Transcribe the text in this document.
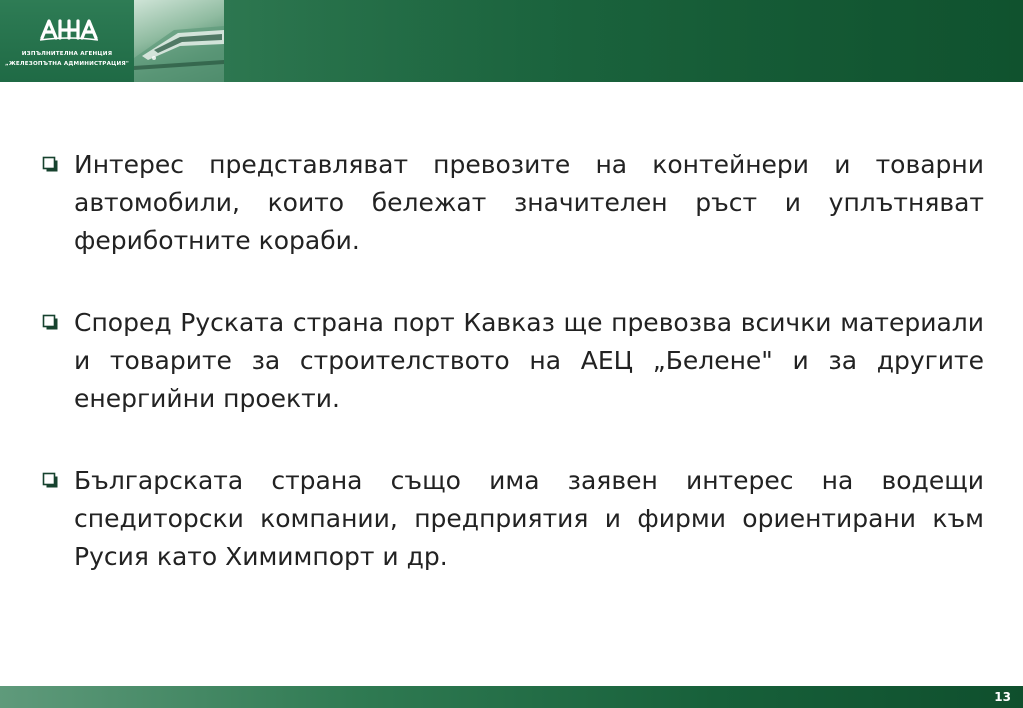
ИЗПЪЛНИТЕЛНА АГЕНЦИЯ
„ЖЕЛЕЗОПЪТНА АДМИНИСТРАЦИЯ"
Интерес представляват превозите на контейнери и товарни автомобили, които бележат значителен ръст и уплътняват фериботните кораби.
Според Руската страна порт Кавказ ще превозва всички материали и товарите за строителството на АЕЦ „Белене" и за другите енергийни проекти.
Българската страна също има заявен интерес на водещи спедиторски компании, предприятия и фирми ориентирани към Русия като Химимпорт и др.
13
